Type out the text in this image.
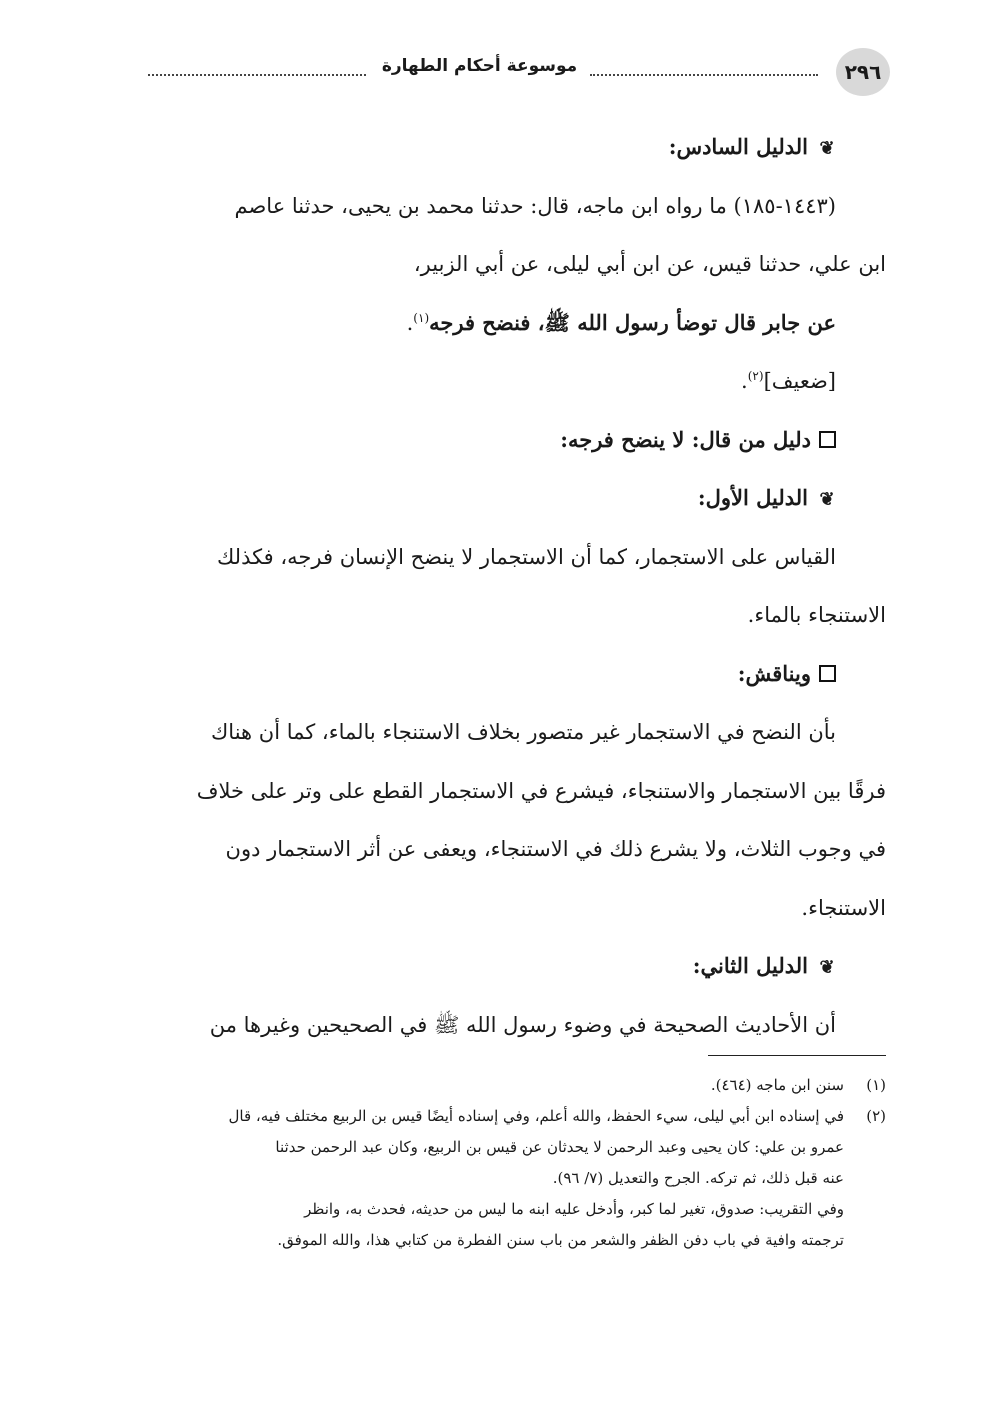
٢٩٦
موسوعة أحكام الطهارة
❦الدليل السادس:
(١٤٤٣-١٨٥) ما رواه ابن ماجه، قال: حدثنا محمد بن يحيى، حدثنا عاصم
ابن علي، حدثنا قيس، عن ابن أبي ليلى، عن أبي الزبير،
عن جابر قال توضأ رسول الله ﷺ، فنضح فرجه$^{(١)}$.
[ضعيف]$^{(٢)}$.
دليل من قال: لا ينضح فرجه:
❦الدليل الأول:
القياس على الاستجمار، كما أن الاستجمار لا ينضح الإنسان فرجه، فكذلك
الاستنجاء بالماء.
ويناقش:
بأن النضح في الاستجمار غير متصور بخلاف الاستنجاء بالماء، كما أن هناك
فرقًا بين الاستجمار والاستنجاء، فيشرع في الاستجمار القطع على وتر على خلاف
في وجوب الثلاث، ولا يشرع ذلك في الاستنجاء، ويعفى عن أثر الاستجمار دون
الاستنجاء.
❦الدليل الثاني:
أن الأحاديث الصحيحة في وضوء رسول الله ﷺ في الصحيحين وغيرها من
(١)سنن ابن ماجه (٤٦٤).
(٢)في إسناده ابن أبي ليلى، سيء الحفظ، والله أعلم، وفي إسناده أيضًا قيس بن الربيع مختلف فيه، قال
عمرو بن علي: كان يحيى وعبد الرحمن لا يحدثان عن قيس بن الربيع، وكان عبد الرحمن حدثنا
عنه قبل ذلك، ثم تركه. الجرح والتعديل (٧/ ٩٦).
وفي التقريب: صدوق، تغير لما كبر، وأدخل عليه ابنه ما ليس من حديثه، فحدث به، وانظر
ترجمته وافية في باب دفن الظفر والشعر من باب سنن الفطرة من كتابي هذا، والله الموفق.
